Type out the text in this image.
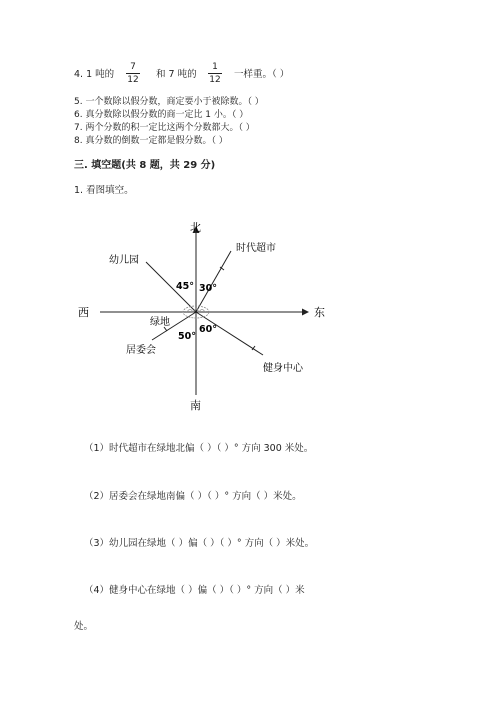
4. 1 吨的
7
12 和 7 吨的
1
12 一样重。（ ）
5. 一个数除以假分数，商定要小于被除数。（ ）
6. 真分数除以假分数的商一定比 1 小。（ ）
7. 两个分数的积一定比这两个分数都大。（ ）
8. 真分数的倒数一定都是假分数。（ ）
三. 填空题(共 8 题，共 29 分)
1. 看图填空。
北
南
东
西
绿地
幼儿园
时代超市
居委会
健身中心
45° 30°
50°
60°
（1）时代超市在绿地北偏（ ）（ ）° 方向 300 米处。
（2）居委会在绿地南偏（ ）（ ）° 方向（ ）米处。
（3）幼儿园在绿地（ ）偏（ ）（ ）° 方向（ ）米处。
（4）健身中心在绿地（ ）偏（ ）（ ）° 方向（ ）米
处。
